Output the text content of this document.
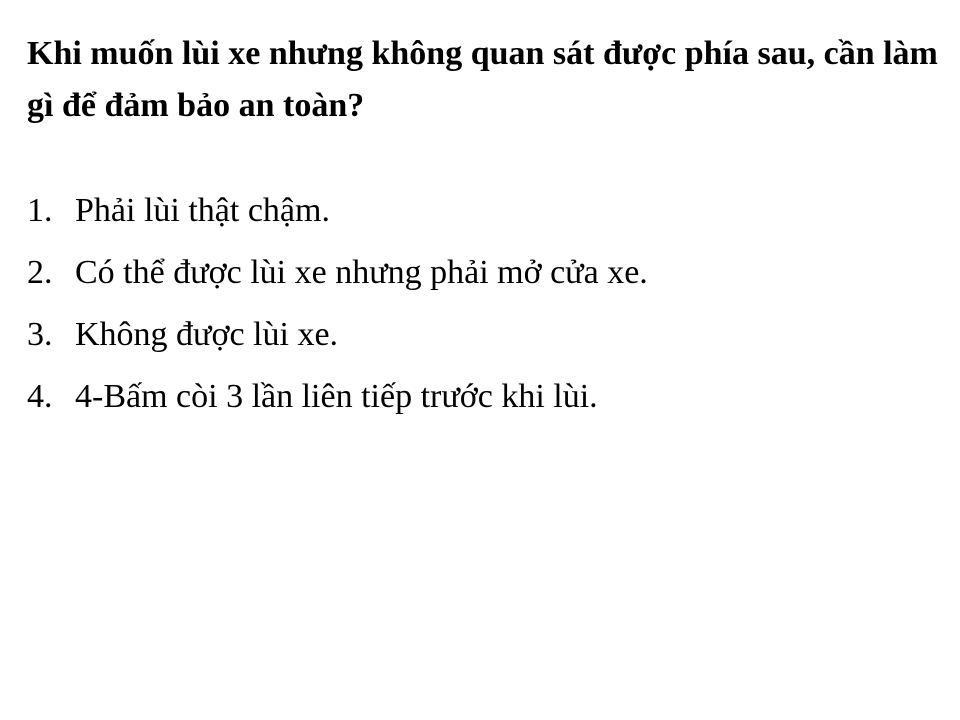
Khi muốn lùi xe nhưng không quan sát được phía sau, cần làm gì để đảm bảo an toàn?
1. Phải lùi thật chậm.
2. Có thể được lùi xe nhưng phải mở cửa xe.
3. Không được lùi xe.
4. 4-Bấm còi 3 lần liên tiếp trước khi lùi.
